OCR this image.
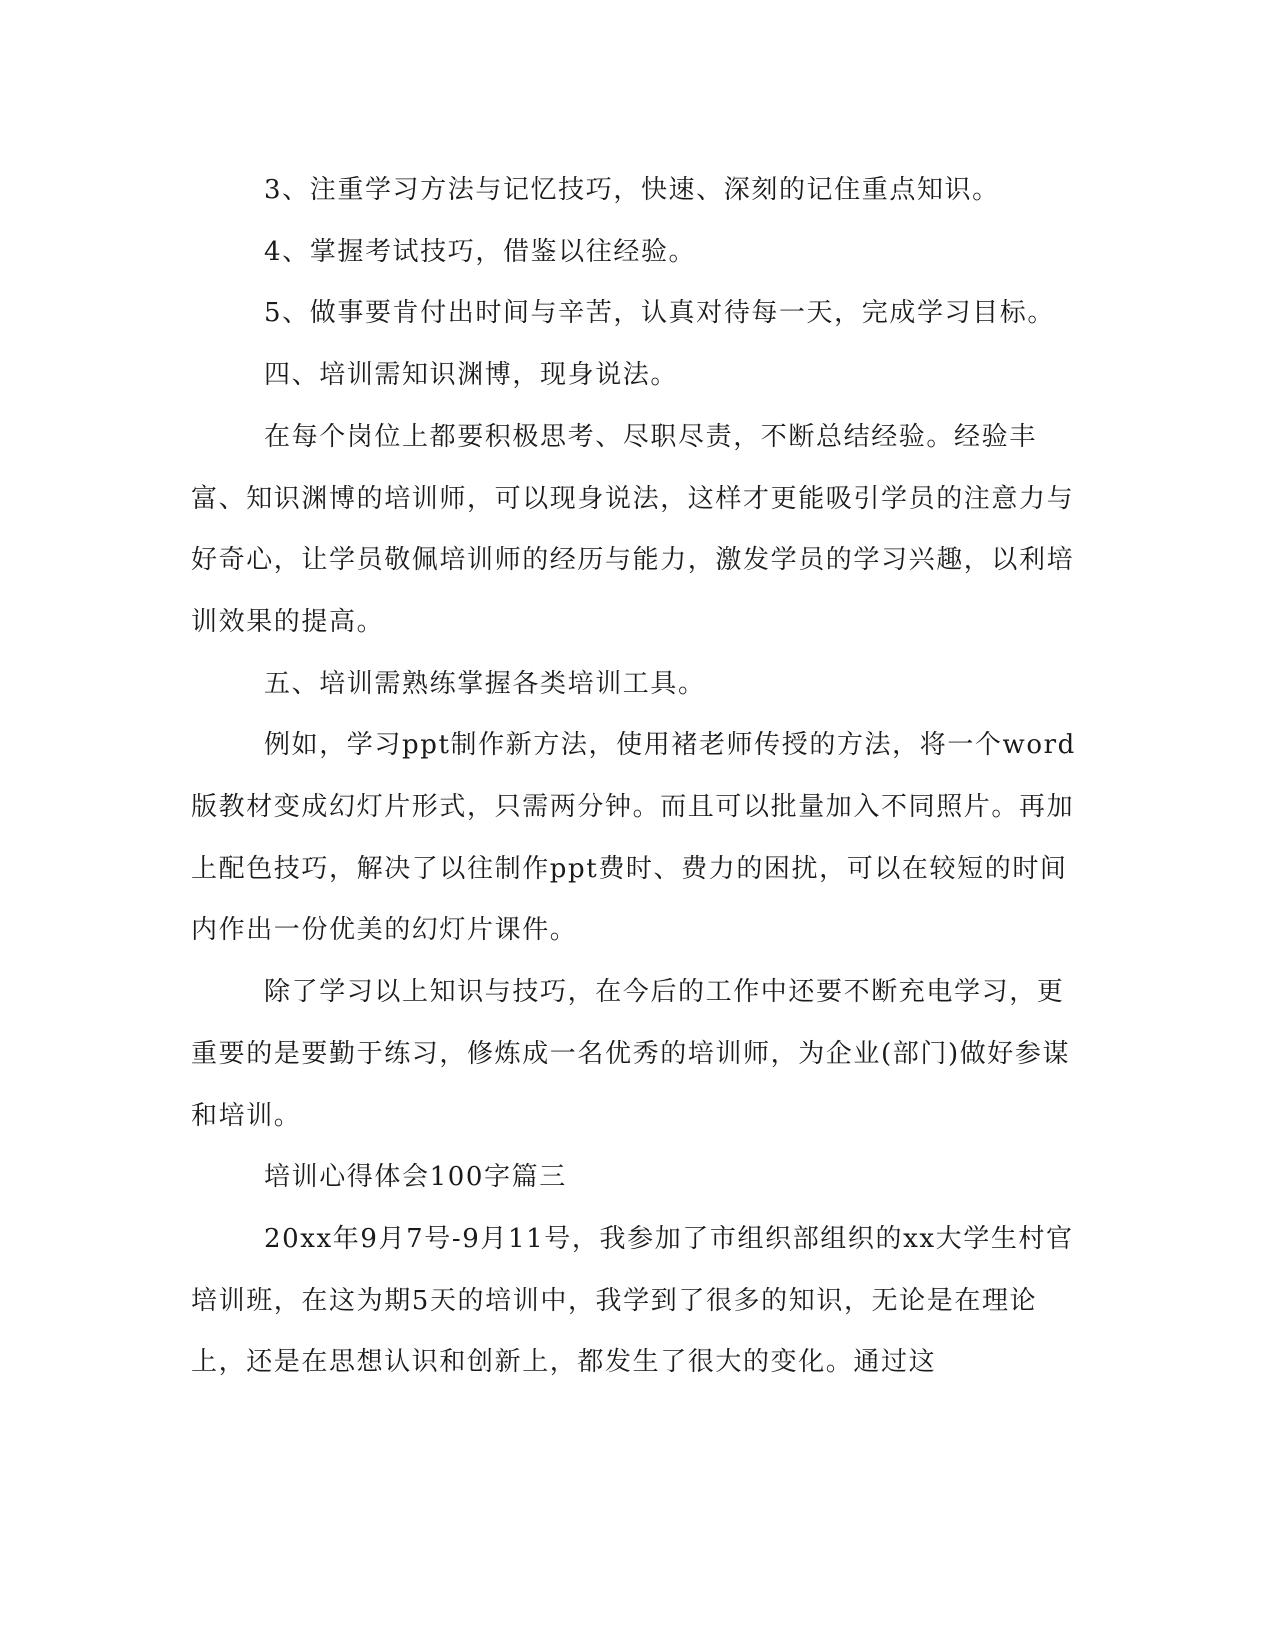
3、注重学习方法与记忆技巧，快速、深刻的记住重点知识。

4、掌握考试技巧，借鉴以往经验。

5、做事要肯付出时间与辛苦，认真对待每一天，完成学习目标。

四、培训需知识渊博，现身说法。

在每个岗位上都要积极思考、尽职尽责，不断总结经验。经验丰富、知识渊博的培训师，可以现身说法，这样才更能吸引学员的注意力与好奇心，让学员敬佩培训师的经历与能力，激发学员的学习兴趣，以利培训效果的提高。

五、培训需熟练掌握各类培训工具。

例如，学习ppt制作新方法，使用褚老师传授的方法，将一个word版教材变成幻灯片形式，只需两分钟。而且可以批量加入不同照片。再加上配色技巧，解决了以往制作ppt费时、费力的困扰，可以在较短的时间内作出一份优美的幻灯片课件。

除了学习以上知识与技巧，在今后的工作中还要不断充电学习，更重要的是要勤于练习，修炼成一名优秀的培训师，为企业(部门)做好参谋和培训。

培训心得体会100字篇三

20xx年9月7号-9月11号，我参加了市组织部组织的xx大学生村官培训班，在这为期5天的培训中，我学到了很多的知识，无论是在理论上，还是在思想认识和创新上，都发生了很大的变化。通过这
